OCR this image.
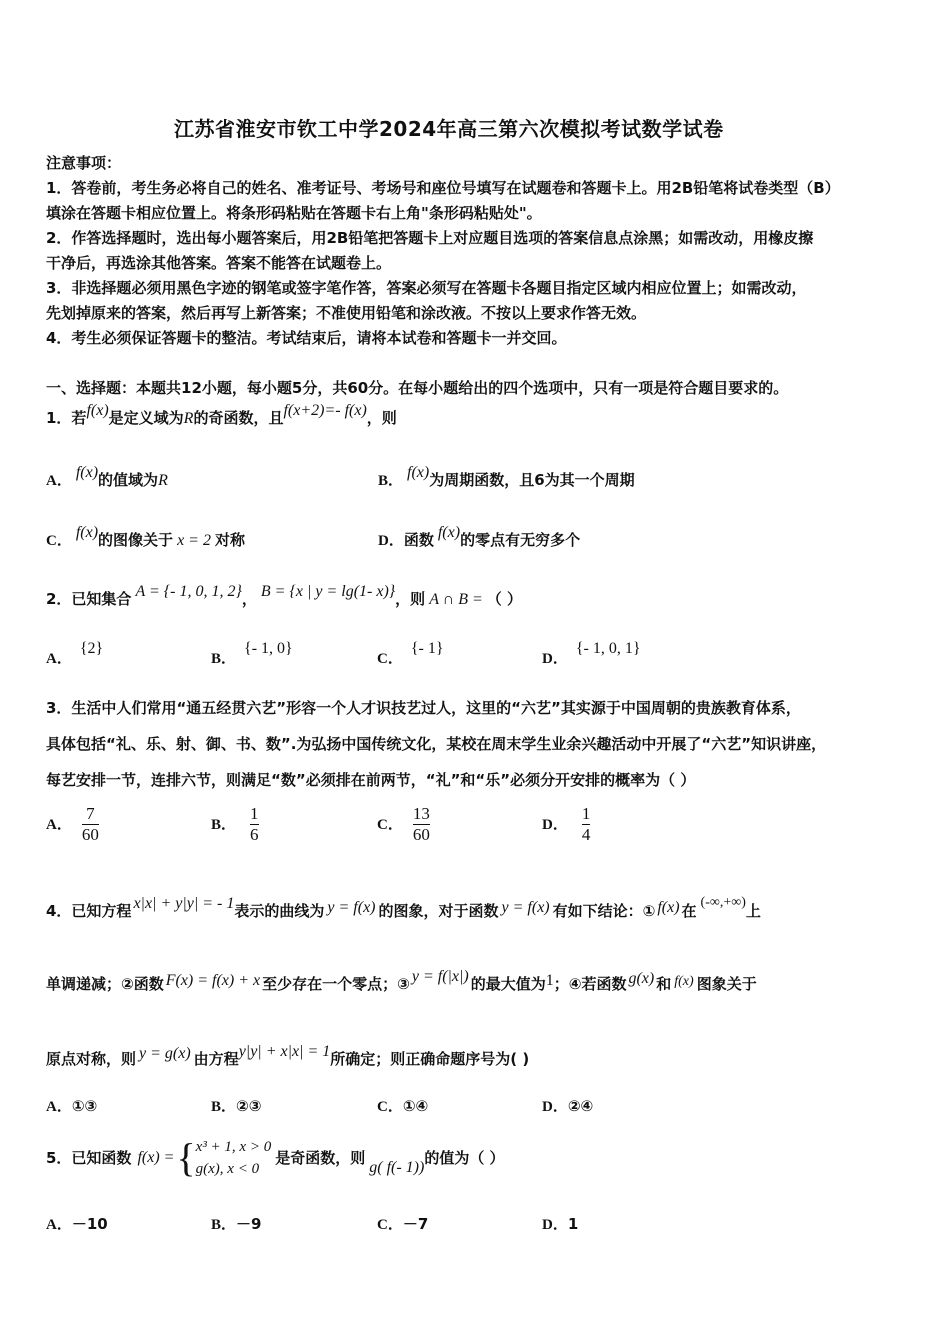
江苏省淮安市钦工中学2024年高三第六次模拟考试数学试卷
注意事项：
1．答卷前，考生务必将自己的姓名、准考证号、考场号和座位号填写在试题卷和答题卡上。用2B铅笔将试卷类型（B）
填涂在答题卡相应位置上。将条形码粘贴在答题卡右上角"条形码粘贴处"。
2．作答选择题时，选出每小题答案后，用2B铅笔把答题卡上对应题目选项的答案信息点涂黑；如需改动，用橡皮擦
干净后，再选涂其他答案。答案不能答在试题卷上。
3．非选择题必须用黑色字迹的钢笔或签字笔作答，答案必须写在答题卡各题目指定区域内相应位置上；如需改动，
先划掉原来的答案，然后再写上新答案；不准使用铅笔和涂改液。不按以上要求作答无效。
4．考生必须保证答题卡的整洁。考试结束后，请将本试卷和答题卡一并交回。
一、选择题：本题共12小题，每小题5分，共60分。在每小题给出的四个选项中，只有一项是符合题目要求的。
1．若f(x)是定义域为R的奇函数，且f(x+2)=- f(x)，则
A． f(x)的值域为R	B． f(x)为周期函数，且6为其一个周期
C． f(x)的图像关于 x = 2 对称	D．函数 f(x)的零点有无穷多个
2．已知集合 A = {- 1, 0, 1, 2}， B = {x | y = lg(1- x)}，则 A ∩ B = （ ）
A．{2}
B．{- 1, 0}
C．{- 1}
D．{- 1, 0, 1}
3．生活中人们常用“通五经贯六艺”形容一个人才识技艺过人，这里的“六艺”其实源于中国周朝的贵族教育体系，
具体包括“礼、乐、射、御、书、数”.为弘扬中国传统文化，某校在周末学生业余兴趣活动中开展了“六艺”知识讲座，
每艺安排一节，连排六节，则满足“数”必须排在前两节，“礼”和“乐”必须分开安排的概率为（ ）
A． $\frac{7}{60}$	B． $\frac{1}{6}$	C． $\frac{13}{60}$	D． $\frac{1}{4}$
4．已知方程 x|x| + y|y| = - 1表示的曲线为 y = f(x) 的图象，对于函数 y = f(x) 有如下结论：① f(x) 在 (-∞,+∞)上
单调递减；②函数 F(x) = f(x) + x 至少存在一个零点；③ y = f(|x|) 的最大值为1；④若函数 g(x) 和 f(x) 图象关于
原点对称，则 y = g(x) 由方程y|y| + x|x| = 1所确定；则正确命题序号为( )
A．①③	B．②③	C．①④	D．②④
5．已知函数 f(x) = { x³ + 1, x > 0
g(x), x < 0
是奇函数，则
g( f(- 1))
的值为（ ）
A．－10	B．－9	C．－7	D．1
